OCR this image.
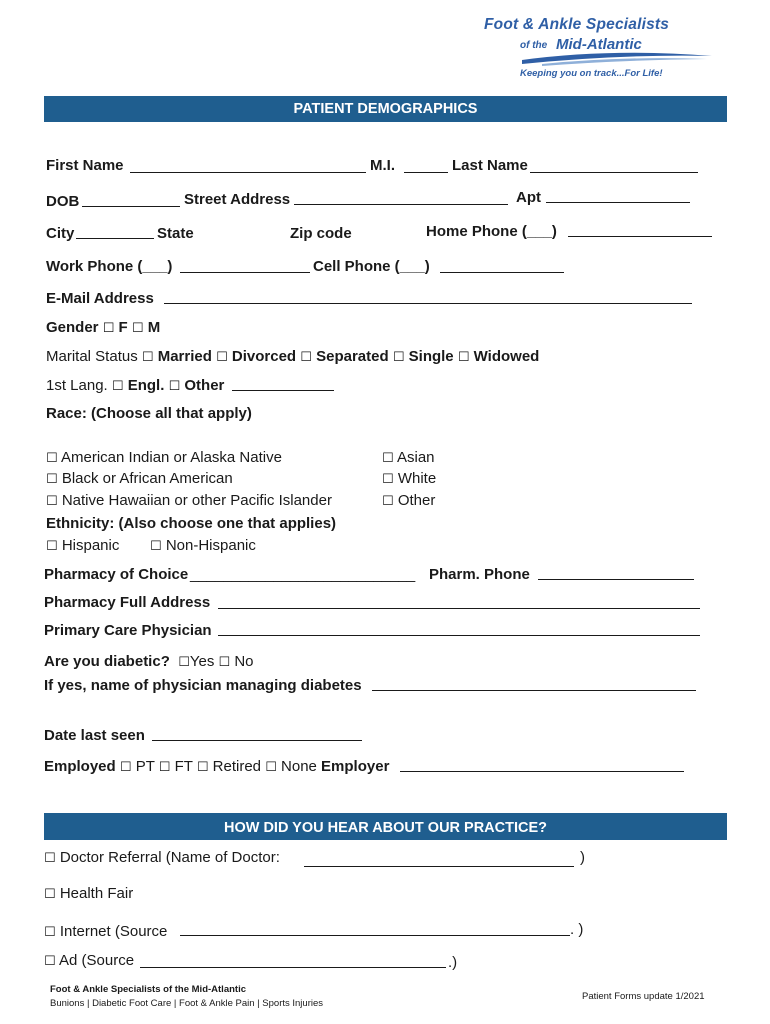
Foot & Ankle Specialists
of the Mid-Atlantic
Keeping you on track...For Life!
PATIENT DEMOGRAPHICS
First Name	M.I.	Last Name
DOB	Street Address	Apt
City	State	Zip code	Home Phone (___)
Work Phone (___)	Cell Phone (___)
E-Mail Address
Gender ☐ F ☐ M
Marital Status ☐ Married ☐ Divorced ☐ Separated ☐ Single ☐ Widowed
1st Lang. ☐ Engl. ☐ Other
Race: (Choose all that apply)
☐ American Indian or Alaska Native
☐ Black or African American
☐ Native Hawaiian or other Pacific Islander
☐ Asian
☐ White
☐ Other
Ethnicity: (Also choose one that applies)
☐ Hispanic ☐ Non-Hispanic
Pharmacy of Choice ___________________________ Pharm. Phone
Pharmacy Full Address
Primary Care Physician
Are you diabetic? ☐Yes ☐ No
If yes, name of physician managing diabetes
Date last seen
Employed ☐ PT ☐ FT ☐ Retired ☐ None Employer
HOW DID YOU HEAR ABOUT OUR PRACTICE?
☐ Doctor Referral (Name of Doctor:	)
☐ Health Fair
☐ Internet (Source	. )
☐ Ad (Source	.)
Foot & Ankle Specialists of the Mid-Atlantic
Bunions | Diabetic Foot Care | Foot & Ankle Pain | Sports Injuries
Patient Forms update 1/2021
